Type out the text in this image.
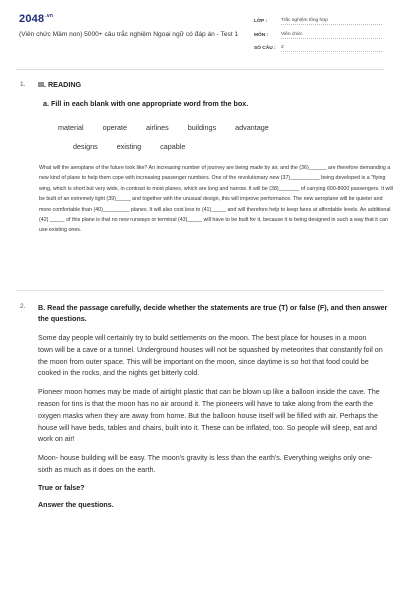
$2048^{.vn}$
(Viên chức Mầm non) 5000+ câu trắc nghiệm Ngoại ngữ có đáp án - Test 1
LỚP :	Trắc nghiệm tổng hợp
MÔN :	Viên chức
SỐ CÂU :	2
1. III. READING
a. Fill in each blank with one appropriate word from the box.
material	operate	airlines	buildings	advantage
designs	existing	capable
What will the aeroplane of the future look like? An increasing number of journey are being made by air, and the (36)______ are therefore demanding a new kind of plane to help them cope with increasing passenger numbers. One of the revolutionary new (37)__________ being developed is a "flying wing, which is short but very wide, in contrast to most planes, which are long and narrow. It will be (38)_______ of carrying 600-8000 passengers. It will be built of an extremely light (39)_____ and together with the unusual design, this will improve performance. The new aeroplane will be quieter and more comfortable than (40)_________ planes. It will also cost less to (41)_____ and will therefore help to keep fares at affordable levels. An additional (42) _____ of this plane is that no new runways or terminal (43)_____ will have to be built for it, because it is being designed in such a way that it can use existing ones.
2. B. Read the passage carefully, decide whether the statements are true (T) or false (F), and then answer the questions.

Some day people will certainly try to build settlements on the moon. The best place for houses in a moon town will be a cave or a tunnel. Underground houses will not be squashed by meteorites that constantly foil on the moon from outer space. This will be important on the moon, since daytime is so hot that food could be cooked in the rocks, and the nights get bitterly cold.

Pioneer moon homes may be made of airtight plastic that can be blown up like a balloon inside the cave. The reason for tins is that the moon has no air around it. The pioneers will have to take along from the earth the oxygen masks when they are away from home. But the balloon house itself will be filled with air. Perhaps the house will have beds, tables and chairs, built into it. These can be inflated, too. So people will sleep, eat and work on air!

Moon- house building will be easy. The moon's gravity is less than the earth's. Everything weighs only one-sixth as much as it does on the earth.

True or false?
Answer the questions.
